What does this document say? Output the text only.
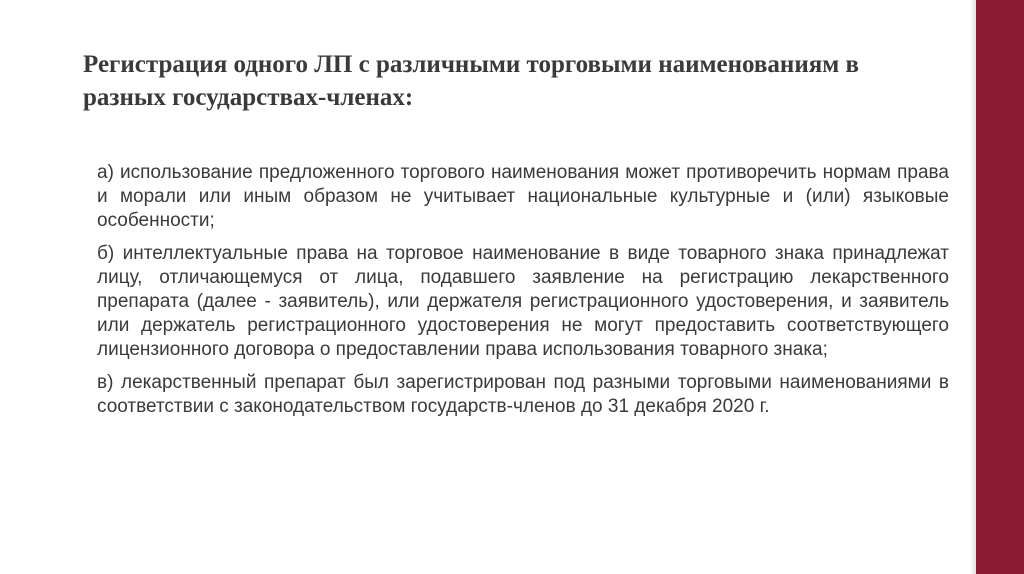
Регистрация одного ЛП с различными торговыми наименованиям в разных государствах-членах:

а) использование предложенного торгового наименования может противоречить нормам права и морали или иным образом не учитывает национальные культурные и (или) языковые особенности;

б) интеллектуальные права на торговое наименование в виде товарного знака принадлежат лицу, отличающемуся от лица, подавшего заявление на регистрацию лекарственного препарата (далее - заявитель), или держателя регистрационного удостоверения, и заявитель или держатель регистрационного удостоверения не могут предоставить соответствующего лицензионного договора о предоставлении права использования товарного знака;

в) лекарственный препарат был зарегистрирован под разными торговыми наименованиями в соответствии с законодательством государств-членов до 31 декабря 2020 г.
